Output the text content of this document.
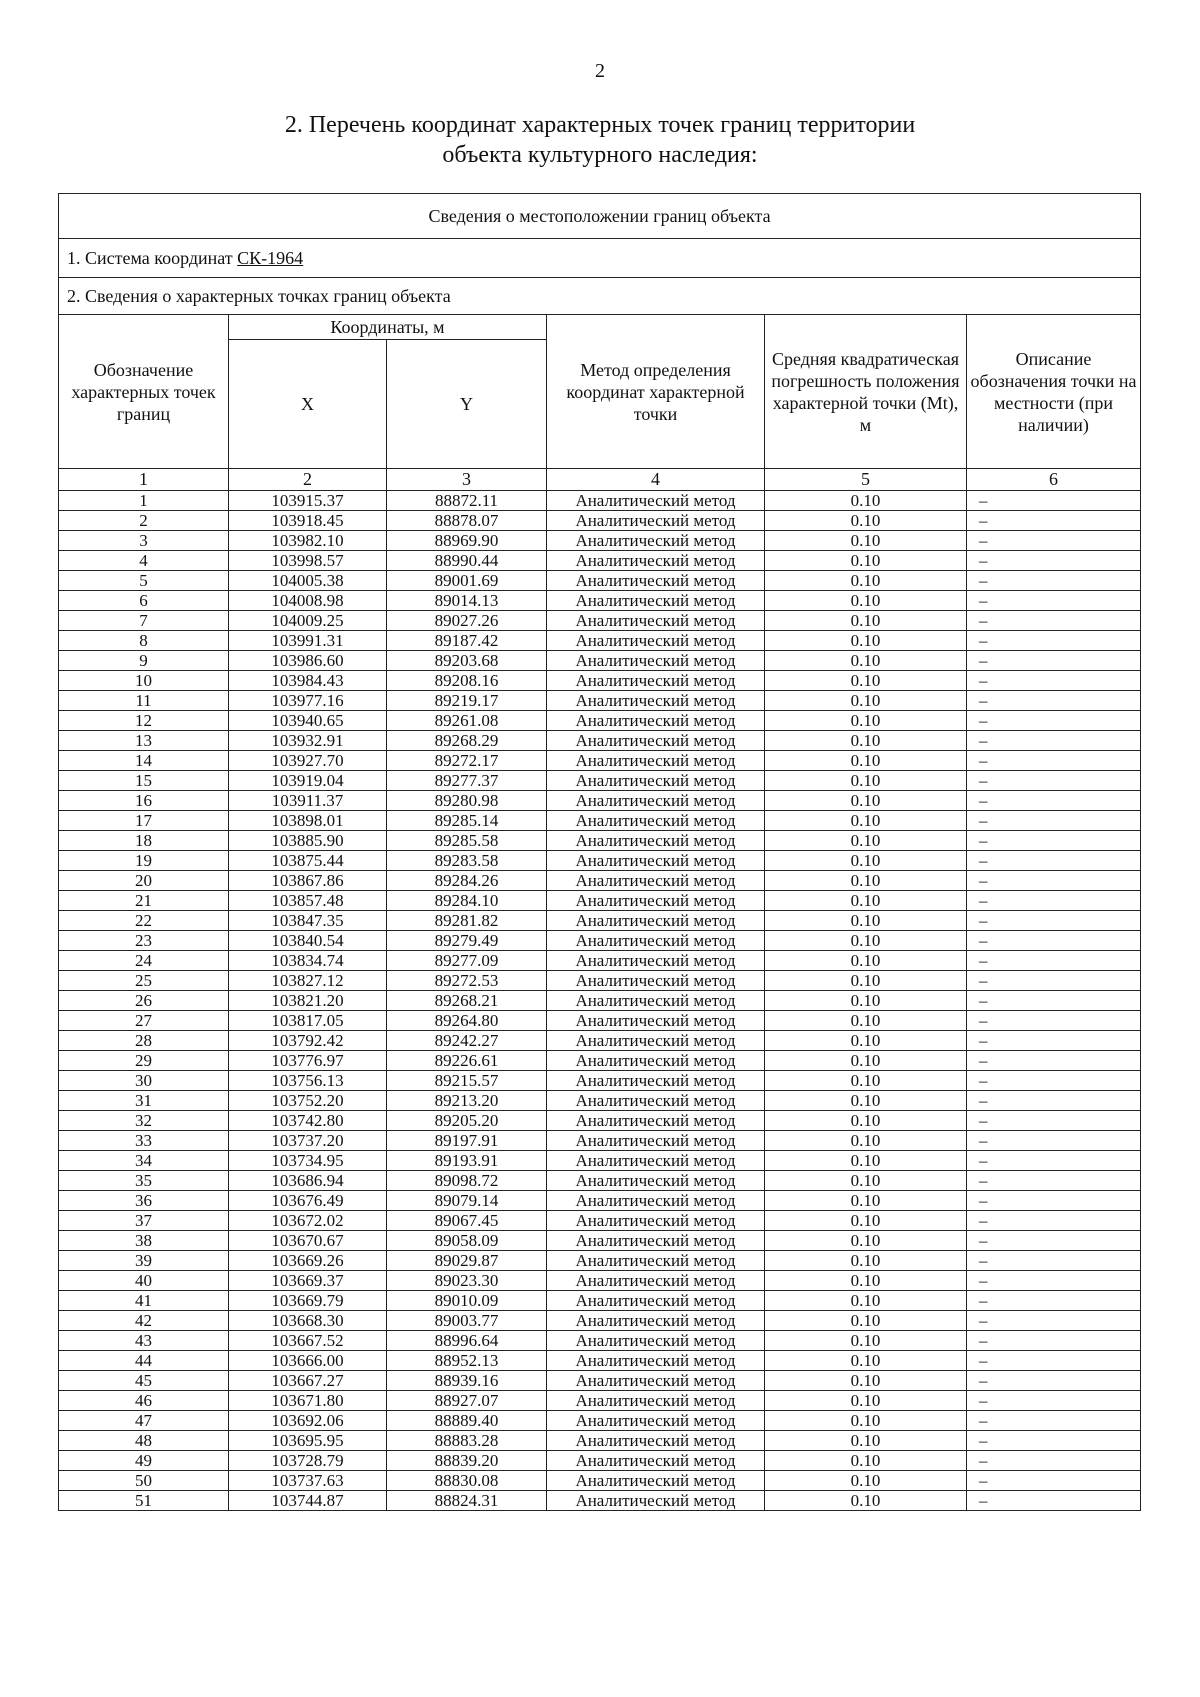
2
2. Перечень координат характерных точек границ территории
объекта культурного наследия:
Сведения о местоположении границ объекта					
1. Система координат СК-1964					
2. Сведения о характерных точках границ объекта					
Обозначение характерных точек границ	Координаты, м		Метод определения координат характерной точки	Средняя квадратическая погрешность положения характерной точки (Mt), м	Описание обозначения точки на местности (при наличии)
	X	Y			
1	2	3	4	5	6
1	103915.37	88872.11	Аналитический метод	0.10	–
2	103918.45	88878.07	Аналитический метод	0.10	–
3	103982.10	88969.90	Аналитический метод	0.10	–
4	103998.57	88990.44	Аналитический метод	0.10	–
5	104005.38	89001.69	Аналитический метод	0.10	–
6	104008.98	89014.13	Аналитический метод	0.10	–
7	104009.25	89027.26	Аналитический метод	0.10	–
8	103991.31	89187.42	Аналитический метод	0.10	–
9	103986.60	89203.68	Аналитический метод	0.10	–
10	103984.43	89208.16	Аналитический метод	0.10	–
11	103977.16	89219.17	Аналитический метод	0.10	–
12	103940.65	89261.08	Аналитический метод	0.10	–
13	103932.91	89268.29	Аналитический метод	0.10	–
14	103927.70	89272.17	Аналитический метод	0.10	–
15	103919.04	89277.37	Аналитический метод	0.10	–
16	103911.37	89280.98	Аналитический метод	0.10	–
17	103898.01	89285.14	Аналитический метод	0.10	–
18	103885.90	89285.58	Аналитический метод	0.10	–
19	103875.44	89283.58	Аналитический метод	0.10	–
20	103867.86	89284.26	Аналитический метод	0.10	–
21	103857.48	89284.10	Аналитический метод	0.10	–
22	103847.35	89281.82	Аналитический метод	0.10	–
23	103840.54	89279.49	Аналитический метод	0.10	–
24	103834.74	89277.09	Аналитический метод	0.10	–
25	103827.12	89272.53	Аналитический метод	0.10	–
26	103821.20	89268.21	Аналитический метод	0.10	–
27	103817.05	89264.80	Аналитический метод	0.10	–
28	103792.42	89242.27	Аналитический метод	0.10	–
29	103776.97	89226.61	Аналитический метод	0.10	–
30	103756.13	89215.57	Аналитический метод	0.10	–
31	103752.20	89213.20	Аналитический метод	0.10	–
32	103742.80	89205.20	Аналитический метод	0.10	–
33	103737.20	89197.91	Аналитический метод	0.10	–
34	103734.95	89193.91	Аналитический метод	0.10	–
35	103686.94	89098.72	Аналитический метод	0.10	–
36	103676.49	89079.14	Аналитический метод	0.10	–
37	103672.02	89067.45	Аналитический метод	0.10	–
38	103670.67	89058.09	Аналитический метод	0.10	–
39	103669.26	89029.87	Аналитический метод	0.10	–
40	103669.37	89023.30	Аналитический метод	0.10	–
41	103669.79	89010.09	Аналитический метод	0.10	–
42	103668.30	89003.77	Аналитический метод	0.10	–
43	103667.52	88996.64	Аналитический метод	0.10	–
44	103666.00	88952.13	Аналитический метод	0.10	–
45	103667.27	88939.16	Аналитический метод	0.10	–
46	103671.80	88927.07	Аналитический метод	0.10	–
47	103692.06	88889.40	Аналитический метод	0.10	–
48	103695.95	88883.28	Аналитический метод	0.10	–
49	103728.79	88839.20	Аналитический метод	0.10	–
50	103737.63	88830.08	Аналитический метод	0.10	–
51	103744.87	88824.31	Аналитический метод	0.10	–
